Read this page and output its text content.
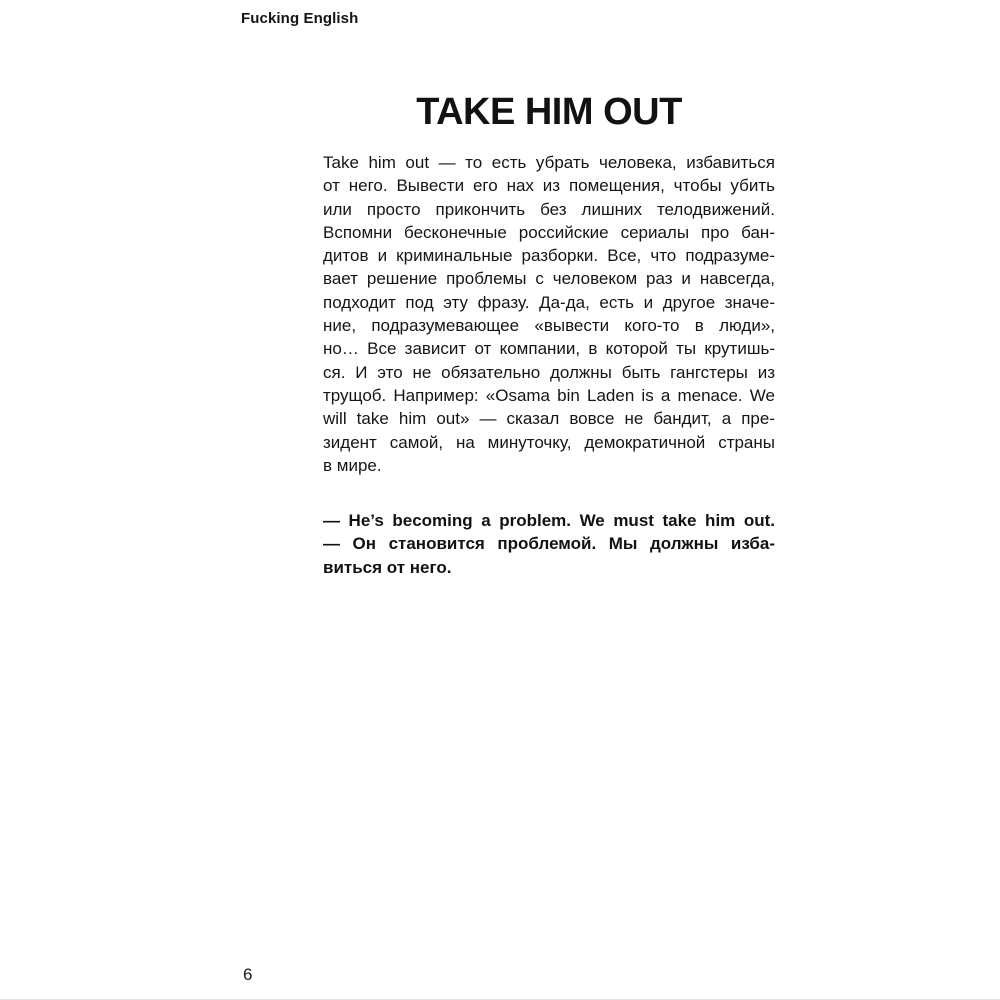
Fucking English
TAKE HIM OUT
Take him out — то есть убрать человека, избавиться
от него. Вывести его нах из помещения, чтобы убить
или просто прикончить без лишних телодвижений.
Вспомни бесконечные российские сериалы про бан-
дитов и криминальные разборки. Все, что подразуме-
вает решение проблемы с человеком раз и навсегда,
подходит под эту фразу. Да-да, есть и другое значе-
ние, подразумевающее «вывести кого-то в люди»,
но… Все зависит от компании, в которой ты крутишь-
ся. И это не обязательно должны быть гангстеры из
трущоб. Например: «Osama bin Laden is a menace. We
will take him out» — сказал вовсе не бандит, а пре-
зидент самой, на минуточку, демократичной страны
в мире.
— He’s becoming a problem. We must take him out.
— Он становится проблемой. Мы должны изба-
виться от него.
6
